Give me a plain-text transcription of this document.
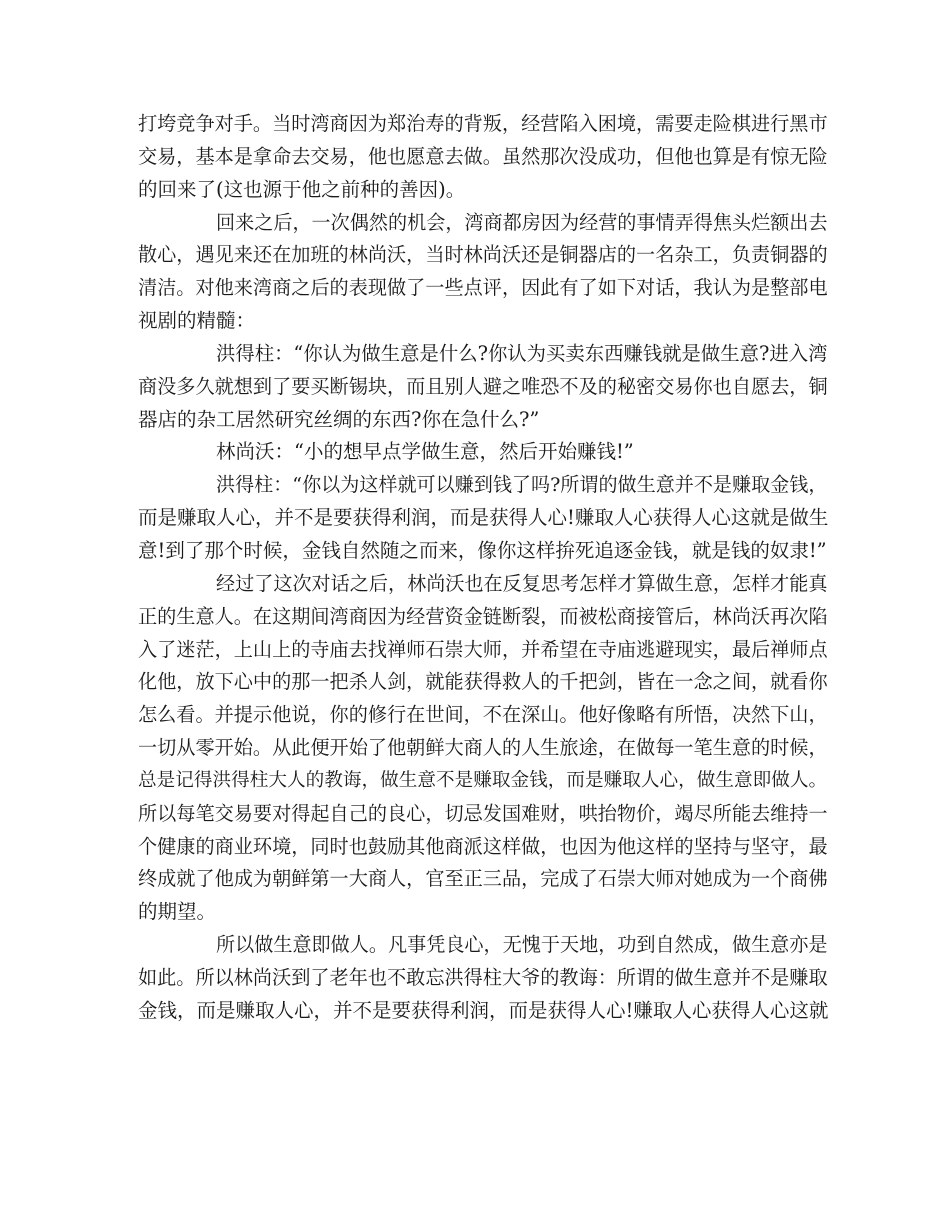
打垮竞争对手。当时湾商因为郑治寿的背叛，经营陷入困境，需要走险棋进行黑市
交易，基本是拿命去交易，他也愿意去做。虽然那次没成功，但他也算是有惊无险
的回来了(这也源于他之前种的善因)。
回来之后，一次偶然的机会，湾商都房因为经营的事情弄得焦头烂额出去
散心，遇见来还在加班的林尚沃，当时林尚沃还是铜器店的一名杂工，负责铜器的
清洁。对他来湾商之后的表现做了一些点评，因此有了如下对话，我认为是整部电
视剧的精髓：
洪得柱：“你认为做生意是什么?你认为买卖东西赚钱就是做生意?进入湾
商没多久就想到了要买断锡块，而且别人避之唯恐不及的秘密交易你也自愿去，铜
器店的杂工居然研究丝绸的东西?你在急什么?”
林尚沃：“小的想早点学做生意，然后开始赚钱!”
洪得柱：“你以为这样就可以赚到钱了吗?所谓的做生意并不是赚取金钱，
而是赚取人心，并不是要获得利润，而是获得人心!赚取人心获得人心这就是做生
意!到了那个时候，金钱自然随之而来，像你这样拚死追逐金钱，就是钱的奴隶!”
经过了这次对话之后，林尚沃也在反复思考怎样才算做生意，怎样才能真
正的生意人。在这期间湾商因为经营资金链断裂，而被松商接管后，林尚沃再次陷
入了迷茫，上山上的寺庙去找禅师石崇大师，并希望在寺庙逃避现实，最后禅师点
化他，放下心中的那一把杀人剑，就能获得救人的千把剑，皆在一念之间，就看你
怎么看。并提示他说，你的修行在世间，不在深山。他好像略有所悟，决然下山，
一切从零开始。从此便开始了他朝鲜大商人的人生旅途，在做每一笔生意的时候，
总是记得洪得柱大人的教诲，做生意不是赚取金钱，而是赚取人心，做生意即做人。
所以每笔交易要对得起自己的良心，切忌发国难财，哄抬物价，竭尽所能去维持一
个健康的商业环境，同时也鼓励其他商派这样做，也因为他这样的坚持与坚守，最
终成就了他成为朝鲜第一大商人，官至正三品，完成了石崇大师对她成为一个商佛
的期望。
所以做生意即做人。凡事凭良心，无愧于天地，功到自然成，做生意亦是
如此。所以林尚沃到了老年也不敢忘洪得柱大爷的教诲：所谓的做生意并不是赚取
金钱，而是赚取人心，并不是要获得利润，而是获得人心!赚取人心获得人心这就
